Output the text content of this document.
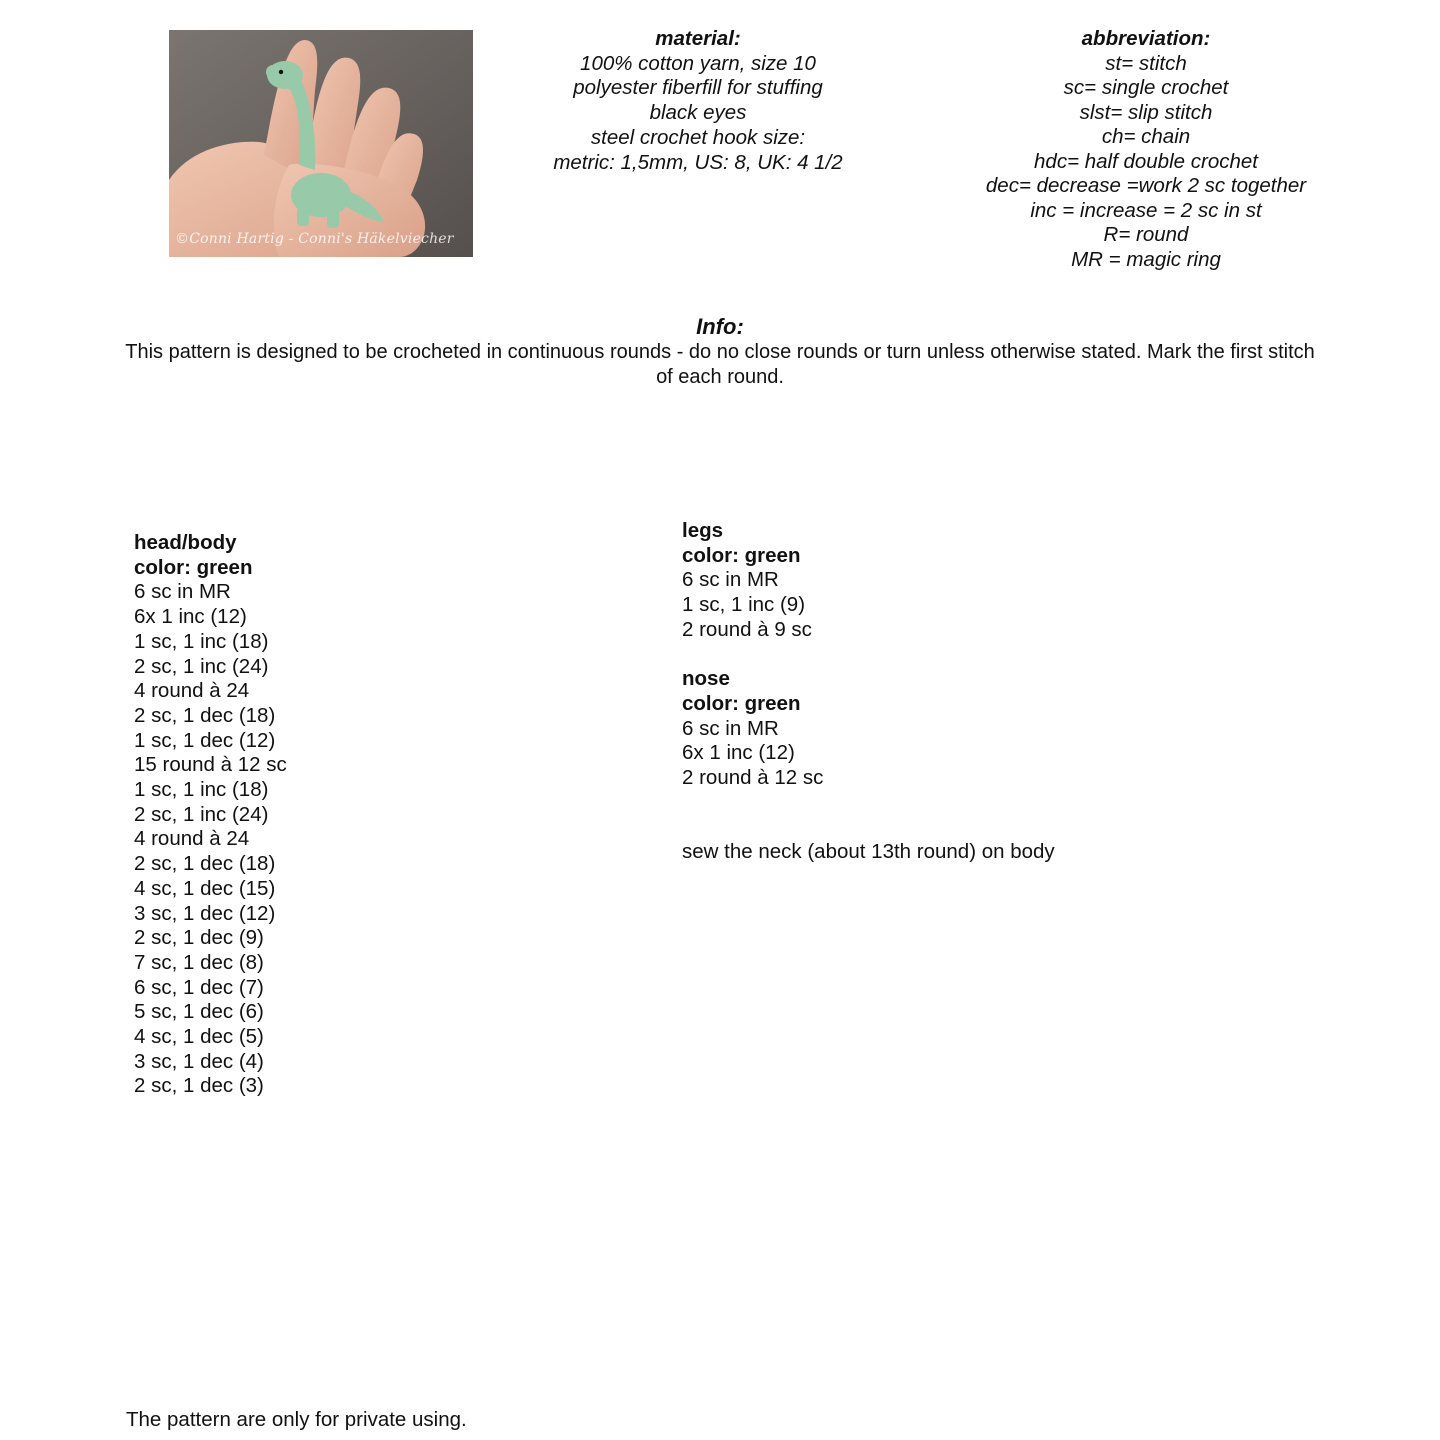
©Conni Hartig - Conni's Häkelviecher
material:
100% cotton yarn, size 10
polyester fiberfill for stuffing
black eyes
steel crochet hook size:
metric: 1,5mm, US: 8, UK: 4 1/2
abbreviation:
st= stitch
sc= single crochet
slst= slip stitch
ch= chain
hdc= half double crochet
dec= decrease =work 2 sc together
inc = increase = 2 sc in st
R= round
MR = magic ring
Info:
This pattern is designed to be crocheted in continuous rounds - do no close rounds or turn unless otherwise stated. Mark the first stitch of each round.
head/body
color: green
6 sc in MR
6x 1 inc (12)
1 sc, 1 inc (18)
2 sc, 1 inc (24)
4 round à 24
2 sc, 1 dec (18)
1 sc, 1 dec (12)
15 round à 12 sc
1 sc, 1 inc (18)
2 sc, 1 inc (24)
4 round à 24
2 sc, 1 dec (18)
4 sc, 1 dec (15)
3 sc, 1 dec (12)
2 sc, 1 dec (9)
7 sc, 1 dec (8)
6 sc, 1 dec (7)
5 sc, 1 dec (6)
4 sc, 1 dec (5)
3 sc, 1 dec (4)
2 sc, 1 dec (3)
legs
color: green
6 sc in MR
1 sc, 1 inc (9)
2 round à 9 sc
nose
color: green
6 sc in MR
6x 1 inc (12)
2 round à 12 sc
sew the neck (about 13th round) on body
The pattern are only for private using.
